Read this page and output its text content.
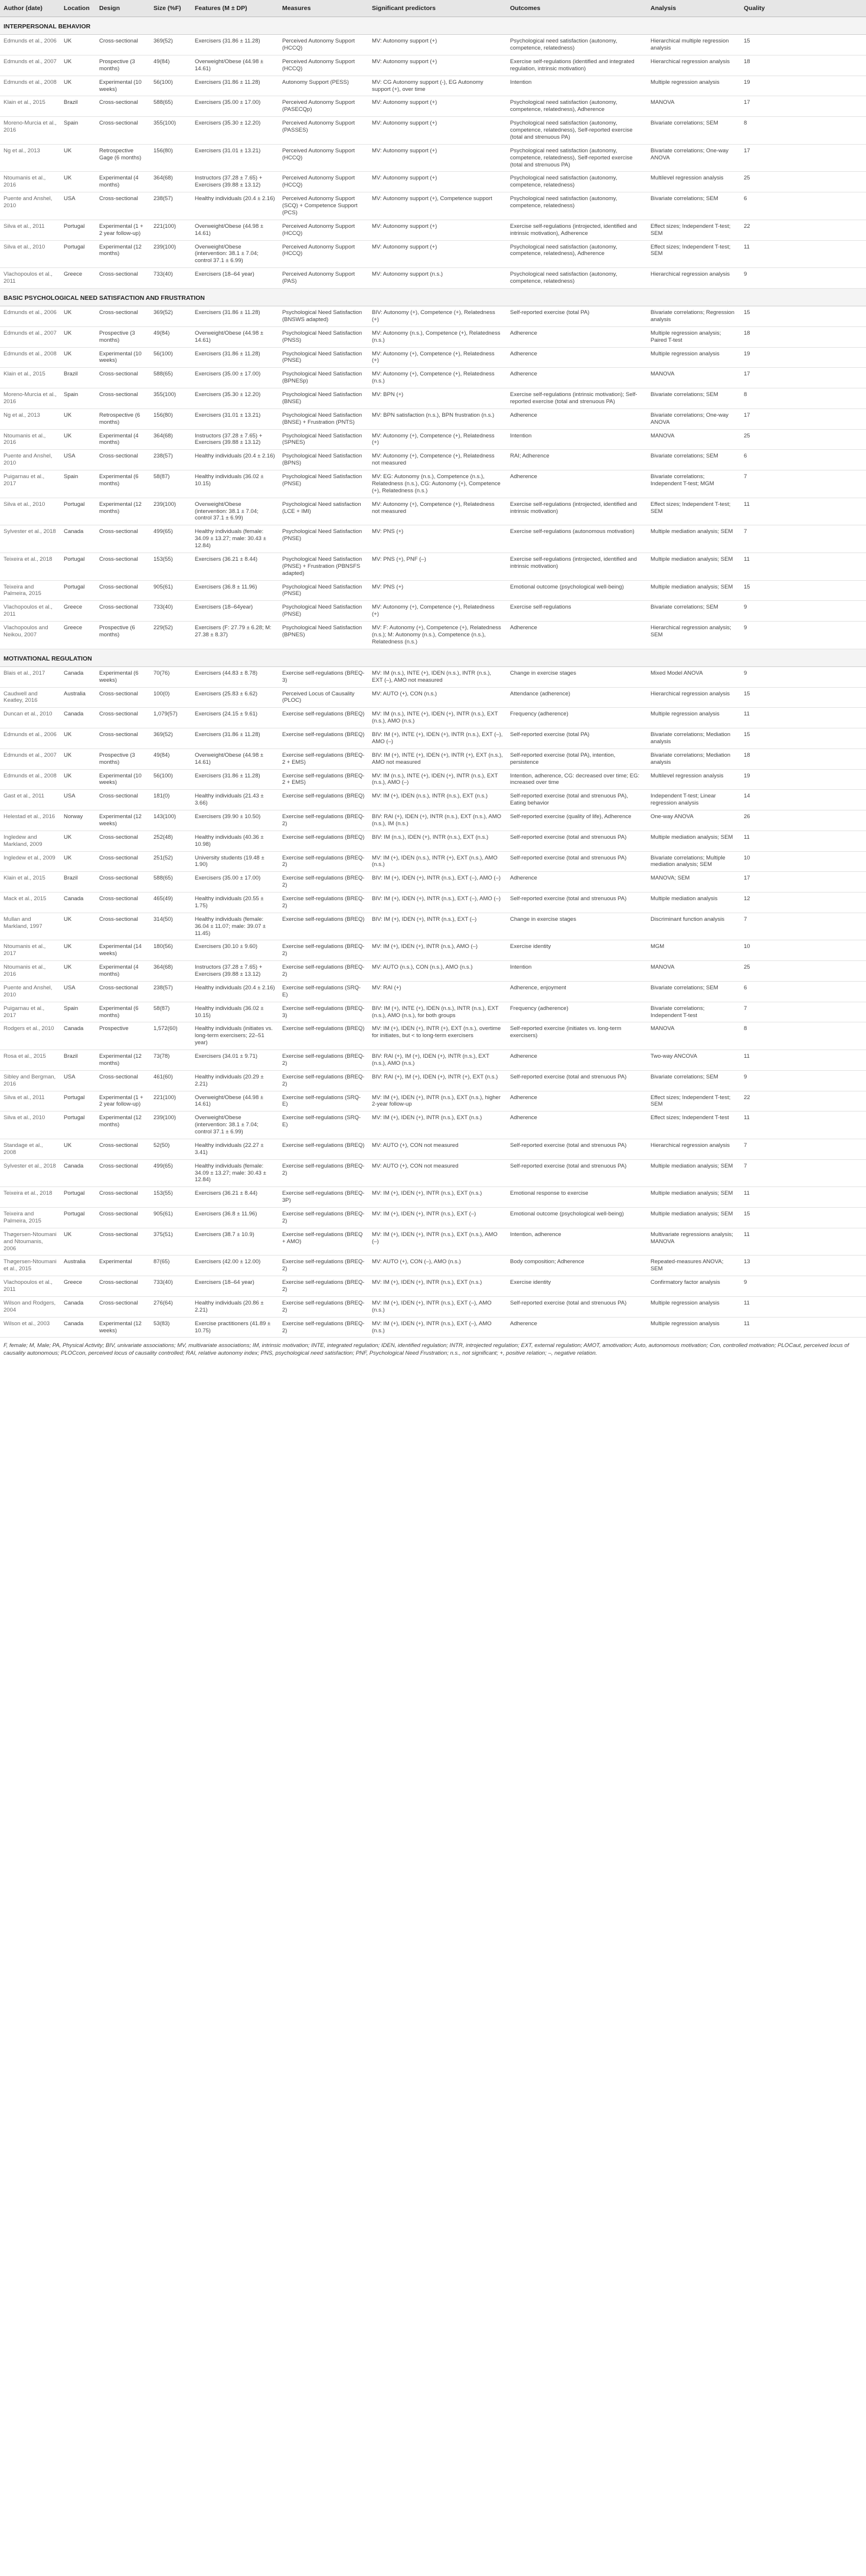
Author (date)	Location	Design	Size (%F)	Features (M ± DP)	Measures	Significant predictors	Outcomes	Analysis	Quality
INTERPERSONAL BEHAVIOR									
Edmunds et al., 2006	UK	Cross-sectional	369(52)	Exercisers (31.86 ± 11.28)	Perceived Autonomy Support (HCCQ)	MV: Autonomy support (+)	Psychological need satisfaction (autonomy, competence, relatedness)	Hierarchical multiple regression analysis	15
Edmunds et al., 2007	UK	Prospective (3 months)	49(84)	Overweight/Obese (44.98 ± 14.61)	Perceived Autonomy Support (HCCQ)	MV: Autonomy support (+)	Exercise self-regulations (identified and integrated regulation, intrinsic motivation)	Hierarchical regression analysis	18
Edmunds et al., 2008	UK	Experimental (10 weeks)	56(100)	Exercisers (31.86 ± 11.28)	Autonomy Support (PESS)	MV: CG Autonomy support (-), EG Autonomy support (+), over time	Intention	Multiple regression analysis	19
Klain et al., 2015	Brazil	Cross-sectional	588(65)	Exercisers (35.00 ± 17.00)	Perceived Autonomy Support (PASECQp)	MV: Autonomy support (+)	Psychological need satisfaction (autonomy, competence, relatedness), Adherence	MANOVA	17
Moreno-Murcia et al., 2016	Spain	Cross-sectional	355(100)	Exercisers (35.30 ± 12.20)	Perceived Autonomy Support (PASSES)	MV: Autonomy support (+)	Psychological need satisfaction (autonomy, competence, relatedness), Self-reported exercise (total and strenuous PA)	Bivariate correlations; SEM	8
Ng et al., 2013	UK	Retrospective Gage (6 months)	156(80)	Exercisers (31.01 ± 13.21)	Perceived Autonomy Support (HCCQ)	MV: Autonomy support (+)	Psychological need satisfaction (autonomy, competence, relatedness), Self-reported exercise (total and strenuous PA)	Bivariate correlations; One-way ANOVA	17
Ntoumanis et al., 2016	UK	Experimental (4 months)	364(68)	Instructors (37.28 ± 7.65) + Exercisers (39.88 ± 13.12)	Perceived Autonomy Support (HCCQ)	MV: Autonomy support (+)	Psychological need satisfaction (autonomy, competence, relatedness)	Multilevel regression analysis	25
Puente and Anshel, 2010	USA	Cross-sectional	238(57)	Healthy individuals (20.4 ± 2.16)	Perceived Autonomy Support (SCQ) + Competence Support (PCS)	MV: Autonomy support (+), Competence support	Psychological need satisfaction (autonomy, competence, relatedness)	Bivariate correlations; SEM	6
Silva et al., 2011	Portugal	Experimental (1 + 2 year follow-up)	221(100)	Overweight/Obese (44.98 ± 14.61)	Perceived Autonomy Support (HCCQ)	MV: Autonomy support (+)	Exercise self-regulations (introjected, identified and intrinsic motivation), Adherence	Effect sizes; Independent T-test; SEM	22
Silva et al., 2010	Portugal	Experimental (12 months)	239(100)	Overweight/Obese (intervention: 38.1 ± 7.04; control 37.1 ± 6.99)	Perceived Autonomy Support (HCCQ)	MV: Autonomy support (+)	Psychological need satisfaction (autonomy, competence, relatedness), Adherence	Effect sizes; Independent T-test; SEM	11
Vlachopoulos et al., 2011	Greece	Cross-sectional	733(40)	Exercisers (18–64 year)	Perceived Autonomy Support (PAS)	MV: Autonomy support (n.s.)	Psychological need satisfaction (autonomy, competence, relatedness)	Hierarchical regression analysis	9
BASIC PSYCHOLOGICAL NEED SATISFACTION AND FRUSTRATION									
Edmunds et al., 2006	UK	Cross-sectional	369(52)	Exercisers (31.86 ± 11.28)	Psychological Need Satisfaction (BNSWS adapted)	BIV: Autonomy (+), Competence (+), Relatedness (+)	Self-reported exercise (total PA)	Bivariate correlations; Regression analysis	15
Edmunds et al., 2007	UK	Prospective (3 months)	49(84)	Overweight/Obese (44.98 ± 14.61)	Psychological Need Satisfaction (PNSS)	MV: Autonomy (n.s.), Competence (+), Relatedness (n.s.)	Adherence	Multiple regression analysis; Paired T-test	18
Edmunds et al., 2008	UK	Experimental (10 weeks)	56(100)	Exercisers (31.86 ± 11.28)	Psychological Need Satisfaction (PNSE)	MV: Autonomy (+), Competence (+), Relatedness (+)	Adherence	Multiple regression analysis	19
Klain et al., 2015	Brazil	Cross-sectional	588(65)	Exercisers (35.00 ± 17.00)	Psychological Need Satisfaction (BPNESp)	MV: Autonomy (+), Competence (+), Relatedness (n.s.)	Adherence	MANOVA	17
Moreno-Murcia et al., 2016	Spain	Cross-sectional	355(100)	Exercisers (35.30 ± 12.20)	Psychological Need Satisfaction (BNSE)	MV: BPN (+)	Exercise self-regulations (intrinsic motivation); Self-reported exercise (total and strenuous PA)	Bivariate correlations; SEM	8
Ng et al., 2013	UK	Retrospective (6 months)	156(80)	Exercisers (31.01 ± 13.21)	Psychological Need Satisfaction (BNSE) + Frustration (PNTS)	MV: BPN satisfaction (n.s.), BPN frustration (n.s.)	Adherence	Bivariate correlations; One-way ANOVA	17
Ntoumanis et al., 2016	UK	Experimental (4 months)	364(68)	Instructors (37.28 ± 7.65) + Exercisers (39.88 ± 13.12)	Psychological Need Satisfaction (SPNES)	MV: Autonomy (+), Competence (+), Relatedness (+)	Intention	MANOVA	25
Puente and Anshel, 2010	USA	Cross-sectional	238(57)	Healthy individuals (20.4 ± 2.16)	Psychological Need Satisfaction (BPNS)	MV: Autonomy (+), Competence (+), Relatedness not measured	RAI; Adherence	Bivariate correlations; SEM	6
Puigarnau et al., 2017	Spain	Experimental (6 months)	58(87)	Healthy individuals (36.02 ± 10.15)	Psychological Need Satisfaction (PNSE)	MV: EG: Autonomy (n.s.), Competence (n.s.), Relatedness (n.s.), CG: Autonomy (+), Competence (+), Relatedness (n.s.)	Adherence	Bivariate correlations; Independent T-test; MGM	7
Silva et al., 2010	Portugal	Experimental (12 months)	239(100)	Overweight/Obese (intervention: 38.1 ± 7.04; control 37.1 ± 6.99)	Psychological Need satisfaction (LCE + IMI)	MV: Autonomy (+), Competence (+), Relatedness not measured	Exercise self-regulations (introjected, identified and intrinsic motivation)	Effect sizes; Independent T-test; SEM	11
Sylvester et al., 2018	Canada	Cross-sectional	499(65)	Healthy individuals (female: 34.09 ± 13.27; male: 30.43 ± 12.84)	Psychological Need Satisfaction (PNSE)	MV: PNS (+)	Exercise self-regulations (autonomous motivation)	Multiple mediation analysis; SEM	7
Teixeira et al., 2018	Portugal	Cross-sectional	153(55)	Exercisers (36.21 ± 8.44)	Psychological Need Satisfaction (PNSE) + Frustration (PBNSFS adapted)	MV: PNS (+), PNF (–)	Exercise self-regulations (introjected, identified and intrinsic motivation)	Multiple mediation analysis; SEM	11
Teixeira and Palmeira, 2015	Portugal	Cross-sectional	905(61)	Exercisers (36.8 ± 11.96)	Psychological Need Satisfaction (PNSE)	MV: PNS (+)	Emotional outcome (psychological well-being)	Multiple mediation analysis; SEM	15
Vlachopoulos et al., 2011	Greece	Cross-sectional	733(40)	Exercisers (18–64year)	Psychological Need Satisfaction (PNSE)	MV: Autonomy (+), Competence (+), Relatedness (+)	Exercise self-regulations	Bivariate correlations; SEM	9
Vlachopoulos and Neikou, 2007	Greece	Prospective (6 months)	229(52)	Exercisers (F: 27.79 ± 6.28; M: 27.38 ± 8.37)	Psychological Need Satisfaction (BPNES)	MV: F: Autonomy (+), Competence (+), Relatedness (n.s.); M: Autonomy (n.s.), Competence (n.s.), Relatedness (n.s.)	Adherence	Hierarchical regression analysis; SEM	9
MOTIVATIONAL REGULATION									
Blais et al., 2017	Canada	Experimental (6 weeks)	70(76)	Exercisers (44.83 ± 8.78)	Exercise self-regulations (BREQ-3)	MV: IM (n.s.), INTE (+), IDEN (n.s.), INTR (n.s.), EXT (–), AMO not measured	Change in exercise stages	Mixed Model ANOVA	9
Caudwell and Keatley, 2016	Australia	Cross-sectional	100(0)	Exercisers (25.83 ± 6.62)	Perceived Locus of Causality (PLOC)	MV: AUTO (+), CON (n.s.)	Attendance (adherence)	Hierarchical regression analysis	15
Duncan et al., 2010	Canada	Cross-sectional	1,079(57)	Exercisers (24.15 ± 9.61)	Exercise self-regulations (BREQ)	MV: IM (n.s.), INTE (+), IDEN (+), INTR (n.s.), EXT (n.s.), AMO (n.s.)	Frequency (adherence)	Multiple regression analysis	11
Edmunds et al., 2006	UK	Cross-sectional	369(52)	Exercisers (31.86 ± 11.28)	Exercise self-regulations (BREQ)	BIV: IM (+), INTE (+), IDEN (+), INTR (n.s.), EXT (–), AMO (–)	Self-reported exercise (total PA)	Bivariate correlations; Mediation analysis	15
Edmunds et al., 2007	UK	Prospective (3 months)	49(84)	Overweight/Obese (44.98 ± 14.61)	Exercise self-regulations (BREQ-2 + EMS)	BIV: IM (+), INTE (+), IDEN (+), INTR (+), EXT (n.s.), AMO not measured	Self-reported exercise (total PA), intention, persistence	Bivariate correlations; Mediation analysis	18
Edmunds et al., 2008	UK	Experimental (10 weeks)	56(100)	Exercisers (31.86 ± 11.28)	Exercise self-regulations (BREQ-2 + EMS)	MV: IM (n.s.), INTE (+), IDEN (+), INTR (n.s.), EXT (n.s.), AMO (–)	Intention, adherence, CG: decreased over time; EG: increased over time	Multilevel regression analysis	19
Gast et al., 2011	USA	Cross-sectional	181(0)	Healthy individuals (21.43 ± 3.66)	Exercise self-regulations (BREQ)	MV: IM (+), IDEN (n.s.), INTR (n.s.), EXT (n.s.)	Self-reported exercise (total and strenuous PA), Eating behavior	Independent T-test; Linear regression analysis	14
Helestad et al., 2016	Norway	Experimental (12 weeks)	143(100)	Exercisers (39.90 ± 10.50)	Exercise self-regulations (BREQ-2)	BIV: RAI (+), IDEN (+), INTR (n.s.), EXT (n.s.), AMO (n.s.), IM (n.s.)	Self-reported exercise (quality of life), Adherence	One-way ANOVA	26
Ingledew and Markland, 2009	UK	Cross-sectional	252(48)	Healthy individuals (40.36 ± 10.98)	Exercise self-regulations (BREQ)	BIV: IM (n.s.), IDEN (+), INTR (n.s.), EXT (n.s.)	Self-reported exercise (total and strenuous PA)	Multiple mediation analysis; SEM	11
Ingledew et al., 2009	UK	Cross-sectional	251(52)	University students (19.48 ± 1.90)	Exercise self-regulations (BREQ-2)	MV: IM (+), IDEN (n.s.), INTR (+), EXT (n.s.), AMO (n.s.)	Self-reported exercise (total and strenuous PA)	Bivariate correlations; Multiple mediation analysis; SEM	10
Klain et al., 2015	Brazil	Cross-sectional	588(65)	Exercisers (35.00 ± 17.00)	Exercise self-regulations (BREQ-2)	BIV: IM (+), IDEN (+), INTR (n.s.), EXT (–), AMO (–)	Adherence	MANOVA; SEM	17
Mack et al., 2015	Canada	Cross-sectional	465(49)	Healthy individuals (20.55 ± 1.75)	Exercise self-regulations (BREQ-2)	BIV: IM (+), IDEN (+), INTR (n.s.), EXT (–), AMO (–)	Self-reported exercise (total and strenuous PA)	Multiple mediation analysis	12
Mullan and Markland, 1997	UK	Cross-sectional	314(50)	Healthy individuals (female: 36.04 ± 11.07; male: 39.07 ± 11.45)	Exercise self-regulations (BREQ)	BIV: IM (+), IDEN (+), INTR (n.s.), EXT (–)	Change in exercise stages	Discriminant function analysis	7
Ntoumanis et al., 2017	UK	Experimental (14 weeks)	180(56)	Exercisers (30.10 ± 9.60)	Exercise self-regulations (BREQ-2)	MV: IM (+), IDEN (+), INTR (n.s.), AMO (–)	Exercise identity	MGM	10
Ntoumanis et al., 2016	UK	Experimental (4 months)	364(68)	Instructors (37.28 ± 7.65) + Exercisers (39.88 ± 13.12)	Exercise self-regulations (BREQ-2)	MV: AUTO (n.s.), CON (n.s.), AMO (n.s.)	Intention	MANOVA	25
Puente and Anshel, 2010	USA	Cross-sectional	238(57)	Healthy individuals (20.4 ± 2.16)	Exercise self-regulations (SRQ-E)	MV: RAI (+)	Adherence, enjoyment	Bivariate correlations; SEM	6
Puigarnau et al., 2017	Spain	Experimental (6 months)	58(87)	Healthy individuals (36.02 ± 10.15)	Exercise self-regulations (BREQ-3)	BIV: IM (+), INTE (+), IDEN (n.s.), INTR (n.s.), EXT (n.s.), AMO (n.s.), for both groups	Frequency (adherence)	Bivariate correlations; Independent T-test	7
Rodgers et al., 2010	Canada	Prospective	1,572(60)	Healthy individuals (initiates vs. long-term exercisers; 22–51 year)	Exercise self-regulations (BREQ)	MV: IM (+), IDEN (+), INTR (+), EXT (n.s.), overtime for initiates, but < to long-term exercisers	Self-reported exercise (initiates vs. long-term exercisers)	MANOVA	8
Rosa et al., 2015	Brazil	Experimental (12 months)	73(78)	Exercisers (34.01 ± 9.71)	Exercise self-regulations (BREQ-2)	BIV: RAI (+), IM (+), IDEN (+), INTR (n.s.), EXT (n.s.), AMO (n.s.)	Adherence	Two-way ANCOVA	11
Sibley and Bergman, 2016	USA	Cross-sectional	461(60)	Healthy individuals (20.29 ± 2.21)	Exercise self-regulations (BREQ-2)	BIV: RAI (+), IM (+), IDEN (+), INTR (+), EXT (n.s.)	Self-reported exercise (total and strenuous PA)	Bivariate correlations; SEM	9
Silva et al., 2011	Portugal	Experimental (1 + 2 year follow-up)	221(100)	Overweight/Obese (44.98 ± 14.61)	Exercise self-regulations (SRQ-E)	MV: IM (+), IDEN (+), INTR (n.s.), EXT (n.s.), higher 2-year follow-up	Adherence	Effect sizes; Independent T-test; SEM	22
Silva et al., 2010	Portugal	Experimental (12 months)	239(100)	Overweight/Obese (intervention: 38.1 ± 7.04; control 37.1 ± 6.99)	Exercise self-regulations (SRQ-E)	MV: IM (+), IDEN (+), INTR (n.s.), EXT (n.s.)	Adherence	Effect sizes; Independent T-test	11
Standage et al., 2008	UK	Cross-sectional	52(50)	Healthy individuals (22.27 ± 3.41)	Exercise self-regulations (BREQ)	MV: AUTO (+), CON not measured	Self-reported exercise (total and strenuous PA)	Hierarchical regression analysis	7
Sylvester et al., 2018	Canada	Cross-sectional	499(65)	Healthy individuals (female: 34.09 ± 13.27; male: 30.43 ± 12.84)	Exercise self-regulations (BREQ-2)	MV: AUTO (+), CON not measured	Self-reported exercise (total and strenuous PA)	Multiple mediation analysis; SEM	7
Teixeira et al., 2018	Portugal	Cross-sectional	153(55)	Exercisers (36.21 ± 8.44)	Exercise self-regulations (BREQ-3P)	MV: IM (+), IDEN (+), INTR (n.s.), EXT (n.s.)	Emotional response to exercise	Multiple mediation analysis; SEM	11
Teixeira and Palmeira, 2015	Portugal	Cross-sectional	905(61)	Exercisers (36.8 ± 11.96)	Exercise self-regulations (BREQ-2)	MV: IM (+), IDEN (+), INTR (n.s.), EXT (–)	Emotional outcome (psychological well-being)	Multiple mediation analysis; SEM	15
Thøgersen-Ntoumani and Ntoumanis, 2006	UK	Cross-sectional	375(51)	Exercisers (38.7 ± 10.9)	Exercise self-regulations (BREQ + AMO)	MV: IM (+), IDEN (+), INTR (n.s.), EXT (n.s.), AMO (–)	Intention, adherence	Multivariate regressions analysis; MANOVA	11
Thøgersen-Ntoumani et al., 2015	Australia	Experimental	87(65)	Exercisers (42.00 ± 12.00)	Exercise self-regulations (BREQ-2)	MV: AUTO (+), CON (–), AMO (n.s.)	Body composition; Adherence	Repeated-measures ANOVA; SEM	13
Vlachopoulos et al., 2011	Greece	Cross-sectional	733(40)	Exercisers (18–64 year)	Exercise self-regulations (BREQ-2)	MV: IM (+), IDEN (+), INTR (n.s.), EXT (n.s.)	Exercise identity	Confirmatory factor analysis	9
Wilson and Rodgers, 2004	Canada	Cross-sectional	276(64)	Healthy individuals (20.86 ± 2.21)	Exercise self-regulations (BREQ-2)	MV: IM (+), IDEN (+), INTR (n.s.), EXT (–), AMO (n.s.)	Self-reported exercise (total and strenuous PA)	Multiple regression analysis	11
Wilson et al., 2003	Canada	Experimental (12 weeks)	53(83)	Exercise practitioners (41.89 ± 10.75)	Exercise self-regulations (BREQ-2)	MV: IM (+), IDEN (+), INTR (n.s.), EXT (–), AMO (n.s.)	Adherence	Multiple regression analysis	11
F, female; M, Male; PA, Physical Activity; BIV, univariate associations; MV, multivariate associations; IM, intrinsic motivation; INTE, integrated regulation; IDEN, identified regulation; INTR, introjected regulation; EXT, external regulation; AMOT, amotivation; Auto, autonomous motivation; Con, controlled motivation; PLOCaut, perceived locus of causality autonomous; PLOCcon, perceived locus of causality controlled; RAI, relative autonomy index; PNS, psychological need satisfaction; PNF, Psychological Need Frustration; n.s., not significant; +, positive relation; –, negative relation.
